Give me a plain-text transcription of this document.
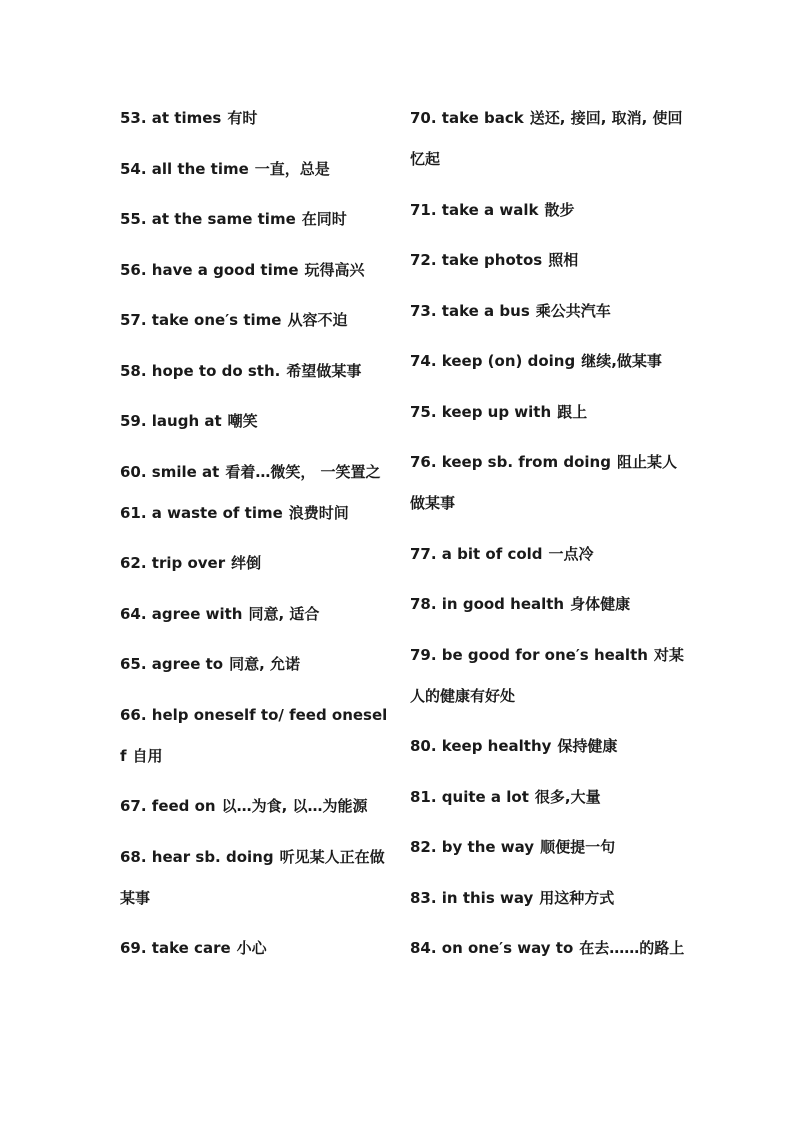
53. at times 有时

54. all the time 一直，总是

55. at the same time 在同时

56. have a good time 玩得高兴

57. take one′s time 从容不迫

58. hope to do sth. 希望做某事

59. laugh at 嘲笑

60. smile at 看着…微笑， 一笑置之

61. a waste of time 浪费时间

62. trip over 绊倒

64. agree with 同意, 适合

65. agree to 同意, 允诺

66. help oneself to/ feed oneself 自用

67. feed on 以…为食, 以…为能源

68. hear sb. doing 听见某人正在做某事

69. take care 小心

70. take back 送还, 接回, 取消, 使回忆起

71. take a walk 散步

72. take photos 照相

73. take a bus 乘公共汽车

74. keep (on) doing 继续,做某事

75. keep up with 跟上

76. keep sb. from doing 阻止某人做某事

77. a bit of cold 一点冷

78. in good health 身体健康

79. be good for one′s health 对某人的健康有好处

80. keep healthy 保持健康

81. quite a lot 很多,大量

82. by the way 顺便提一句

83. in this way 用这种方式

84. on one′s way to 在去……的路上
